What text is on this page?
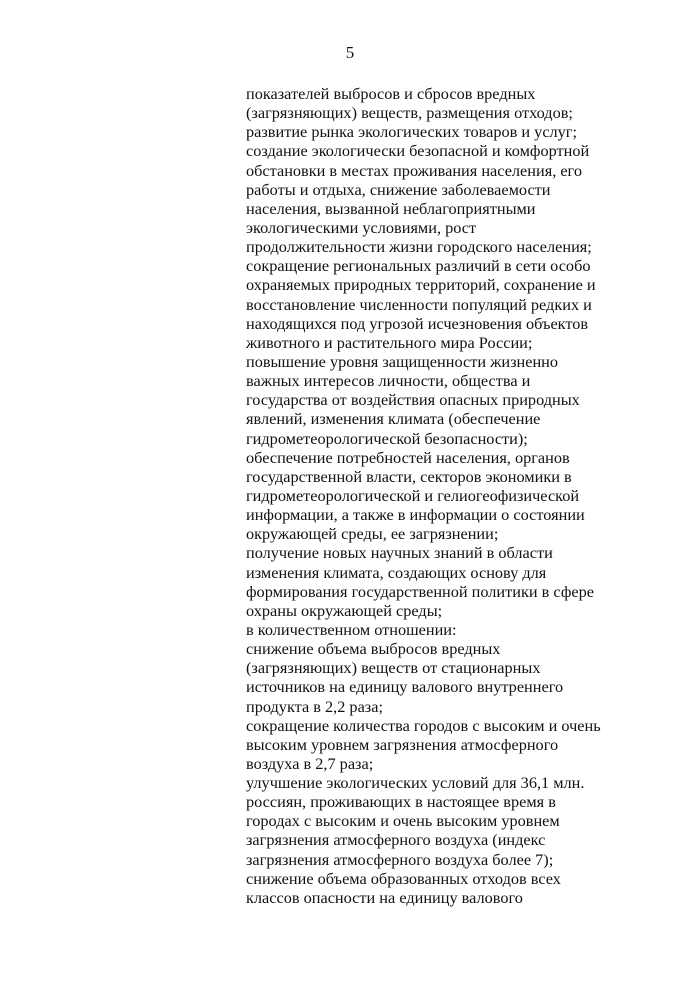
5
показателей выбросов и сбросов вредных
(загрязняющих) веществ, размещения отходов;
развитие рынка экологических товаров и услуг;
создание экологически безопасной и комфортной
обстановки в местах проживания населения, его
работы и отдыха, снижение заболеваемости
населения, вызванной неблагоприятными
экологическими условиями, рост
продолжительности жизни городского населения;
сокращение региональных различий в сети особо
охраняемых природных территорий, сохранение и
восстановление численности популяций редких и
находящихся под угрозой исчезновения объектов
животного и растительного мира России;
повышение уровня защищенности жизненно
важных интересов личности, общества и
государства от воздействия опасных природных
явлений, изменения климата (обеспечение
гидрометеорологической безопасности);
обеспечение потребностей населения, органов
государственной власти, секторов экономики в
гидрометеорологической и гелиогеофизической
информации, а также в информации о состоянии
окружающей среды, ее загрязнении;
получение новых научных знаний в области
изменения климата, создающих основу для
формирования государственной политики в сфере
охраны окружающей среды;
в количественном отношении:
снижение объема выбросов вредных
(загрязняющих) веществ от стационарных
источников на единицу валового внутреннего
продукта в 2,2 раза;
сокращение количества городов с высоким и очень
высоким уровнем загрязнения атмосферного
воздуха в 2,7 раза;
улучшение экологических условий для 36,1 млн.
россиян, проживающих в настоящее время в
городах с высоким и очень высоким уровнем
загрязнения атмосферного воздуха (индекс
загрязнения атмосферного воздуха более 7);
снижение объема образованных отходов всех
классов опасности на единицу валового
